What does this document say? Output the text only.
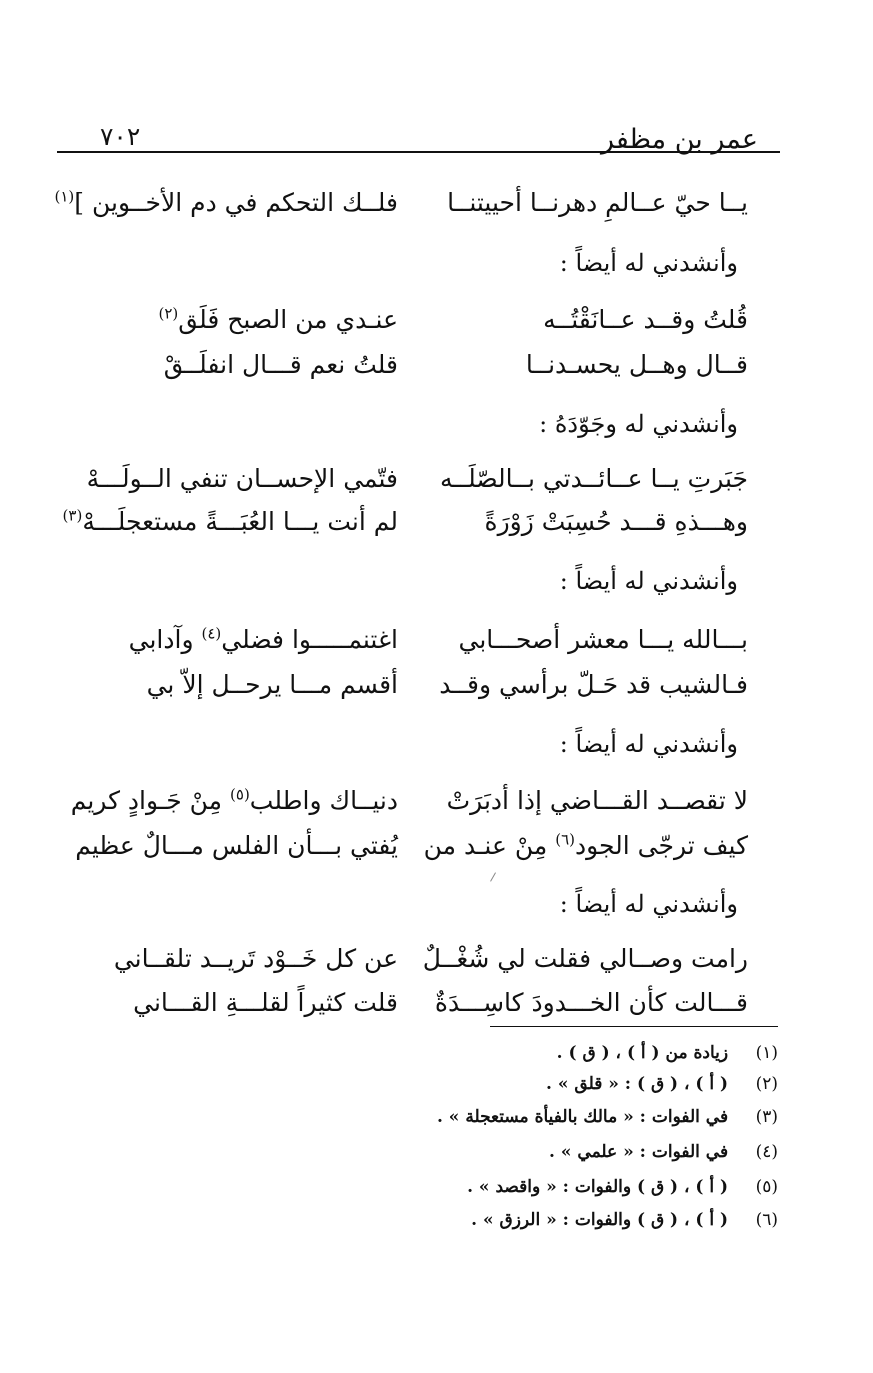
عمر بن مظفر
٧٠٢
يــا حيّ عــالمِ دهرنــا أحييتنــا
فلــك التحكم في دم الأخــوين ]$^{(١)}$
وأنشدني له أيضاً :
قُلتُ وقــد عــانَقْتُــه
عنـدي من الصبح فَلَق$^{(٢)}$
قــال وهــل يحسـدنــا
قلتُ نعم قـــال انفلَــقْ
وأنشدني له وجَوّدَهُ :
جَبَرتِ يــا عــائــدتي بــالصّلَــه
فتّمي الإحســان تنفي الــولَـــهْ
وهـــذهِ قـــد حُسِبَتْ زَوْرَةً
لم أنت يـــا العُبَـــةً مستعجلَـــهْ$^{(٣)}$
وأنشدني له أيضاً :
بـــالله يـــا معشر أصحـــابي
اغتنمـــــوا فضلي$^{(٤)}$ وآدابي
فـالشيب قد حَـلّ برأسي وقــد
أقسم مـــا يرحــل إلاّ بي
وأنشدني له أيضاً :
لا تقصــد القـــاضي إذا أدبَرَتْ
دنيــاك واطلب$^{(٥)}$ مِنْ جَـوادٍ كريم
كيف ترجّى الجود$^{(٦)}$ مِنْ عنـد من
يُفتي بـــأن الفلس مـــالٌ عظيم
وأنشدني له أيضاً :
رامت وصــالي فقلت لي شُغْــلٌ
عن كل خَــوْد تَريــد تلقــاني
قـــالت كأن الخـــدودَ كاسِـــدَةٌ
قلت كثيراً لقلـــةِ القـــاني
(١) زيادة من ( أ ) ، ( ق ) .
(٢) ( أ ) ، ( ق ) : « قلق » .
(٣) في الفوات : « مالك بالفيأة مستعجلة » .
(٤) في الفوات : « علمي » .
(٥) ( أ ) ، ( ق ) والفوات : « واقصد » .
(٦) ( أ ) ، ( ق ) والفوات : « الرزق » .
